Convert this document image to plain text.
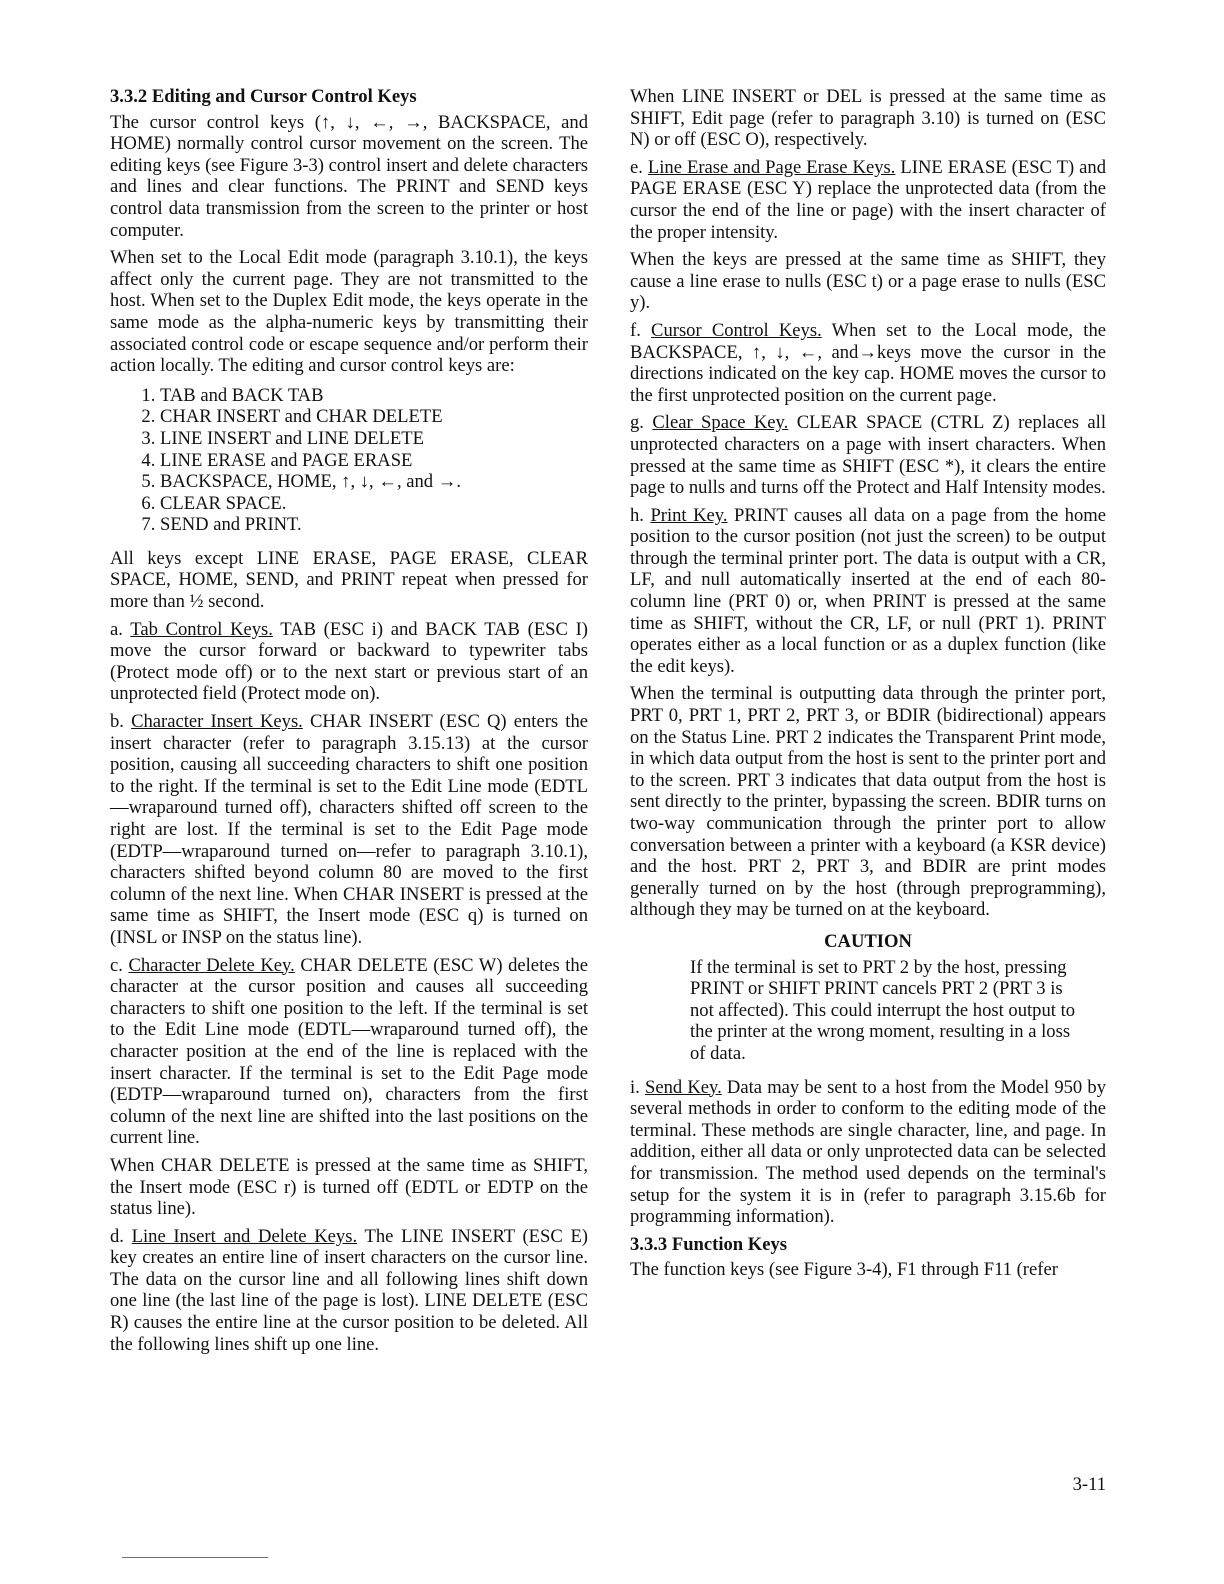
3.3.2 Editing and Cursor Control Keys

The cursor control keys (↑, ↓, ←, →, BACKSPACE, and HOME) normally control cursor movement on the screen. The editing keys (see Figure 3-3) control insert and delete characters and lines and clear functions. The PRINT and SEND keys control data transmission from the screen to the printer or host computer.

When set to the Local Edit mode (paragraph 3.10.1), the keys affect only the current page. They are not transmitted to the host. When set to the Duplex Edit mode, the keys operate in the same mode as the alpha-numeric keys by transmitting their associated control code or escape sequence and/or perform their action locally. The editing and cursor control keys are:

1. TAB and BACK TAB
2. CHAR INSERT and CHAR DELETE
3. LINE INSERT and LINE DELETE
4. LINE ERASE and PAGE ERASE
5. BACKSPACE, HOME, ↑, ↓, ←, and →.
6. CLEAR SPACE.
7. SEND and PRINT.

All keys except LINE ERASE, PAGE ERASE, CLEAR SPACE, HOME, SEND, and PRINT repeat when pressed for more than ½ second.

a. Tab Control Keys. TAB (ESC i) and BACK TAB (ESC I) move the cursor forward or backward to typewriter tabs (Protect mode off) or to the next start or previous start of an unprotected field (Protect mode on).

b. Character Insert Keys. CHAR INSERT (ESC Q) enters the insert character (refer to paragraph 3.15.13) at the cursor position, causing all succeeding characters to shift one position to the right. If the terminal is set to the Edit Line mode (EDTL—wraparound turned off), characters shifted off screen to the right are lost. If the terminal is set to the Edit Page mode (EDTP—wraparound turned on—refer to paragraph 3.10.1), characters shifted beyond column 80 are moved to the first column of the next line. When CHAR INSERT is pressed at the same time as SHIFT, the Insert mode (ESC q) is turned on (INSL or INSP on the status line).

c. Character Delete Key. CHAR DELETE (ESC W) deletes the character at the cursor position and causes all succeeding characters to shift one position to the left. If the terminal is set to the Edit Line mode (EDTL—wraparound turned off), the character position at the end of the line is replaced with the insert character. If the terminal is set to the Edit Page mode (EDTP—wraparound turned on), characters from the first column of the next line are shifted into the last positions on the current line.

When CHAR DELETE is pressed at the same time as SHIFT, the Insert mode (ESC r) is turned off (EDTL or EDTP on the status line).

d. Line Insert and Delete Keys. The LINE INSERT (ESC E) key creates an entire line of insert characters on the cursor line. The data on the cursor line and all following lines shift down one line (the last line of the page is lost). LINE DELETE (ESC R) causes the entire line at the cursor position to be deleted. All the following lines shift up one line.

When LINE INSERT or DEL is pressed at the same time as SHIFT, Edit page (refer to paragraph 3.10) is turned on (ESC N) or off (ESC O), respectively.

e. Line Erase and Page Erase Keys. LINE ERASE (ESC T) and PAGE ERASE (ESC Y) replace the unprotected data (from the cursor the end of the line or page) with the insert character of the proper intensity.

When the keys are pressed at the same time as SHIFT, they cause a line erase to nulls (ESC t) or a page erase to nulls (ESC y).

f. Cursor Control Keys. When set to the Local mode, the BACKSPACE, ↑, ↓, ←, and→keys move the cursor in the directions indicated on the key cap. HOME moves the cursor to the first unprotected position on the current page.

g. Clear Space Key. CLEAR SPACE (CTRL Z) replaces all unprotected characters on a page with insert characters. When pressed at the same time as SHIFT (ESC *), it clears the entire page to nulls and turns off the Protect and Half Intensity modes.

h. Print Key. PRINT causes all data on a page from the home position to the cursor position (not just the screen) to be output through the terminal printer port. The data is output with a CR, LF, and null automatically inserted at the end of each 80-column line (PRT 0) or, when PRINT is pressed at the same time as SHIFT, without the CR, LF, or null (PRT 1). PRINT operates either as a local function or as a duplex function (like the edit keys).

When the terminal is outputting data through the printer port, PRT 0, PRT 1, PRT 2, PRT 3, or BDIR (bidirectional) appears on the Status Line. PRT 2 indicates the Transparent Print mode, in which data output from the host is sent to the printer port and to the screen. PRT 3 indicates that data output from the host is sent directly to the printer, bypassing the screen. BDIR turns on two-way communication through the printer port to allow conversation between a printer with a keyboard (a KSR device) and the host. PRT 2, PRT 3, and BDIR are print modes generally turned on by the host (through preprogramming), although they may be turned on at the keyboard.

CAUTION
If the terminal is set to PRT 2 by the host, pressing PRINT or SHIFT PRINT cancels PRT 2 (PRT 3 is not affected). This could interrupt the host output to the printer at the wrong moment, resulting in a loss of data.

i. Send Key. Data may be sent to a host from the Model 950 by several methods in order to conform to the editing mode of the terminal. These methods are single character, line, and page. In addition, either all data or only unprotected data can be selected for transmission. The method used depends on the terminal's setup for the system it is in (refer to paragraph 3.15.6b for programming information).

3.3.3 Function Keys

The function keys (see Figure 3-4), F1 through F11 (refer

3-11
